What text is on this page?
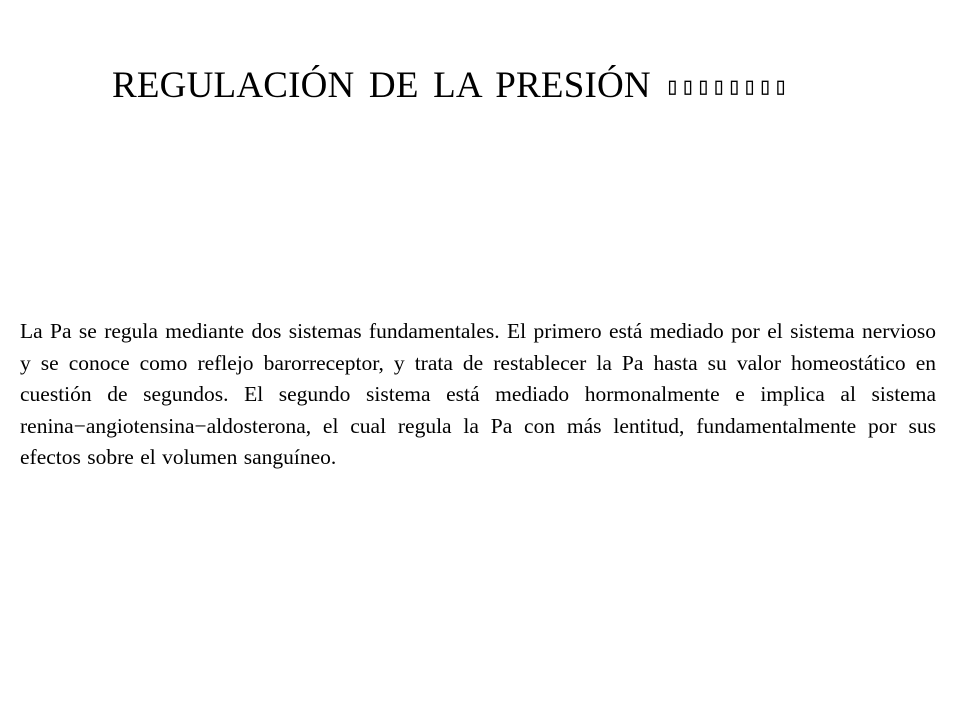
REGULACIÓN DE LA PRESIÓN ▯▯▯▯▯▯▯▯

La Pa se regula mediante dos sistemas fundamentales. El primero está mediado por el sistema nervioso y se conoce como reflejo barorreceptor, y trata de restablecer la Pa hasta su valor homeostático en cuestión de segundos. El segundo sistema está mediado hormonalmente e implica al sistema renina−angiotensina−aldosterona, el cual regula la Pa con más lentitud, fundamentalmente por sus efectos sobre el volumen sanguíneo.
